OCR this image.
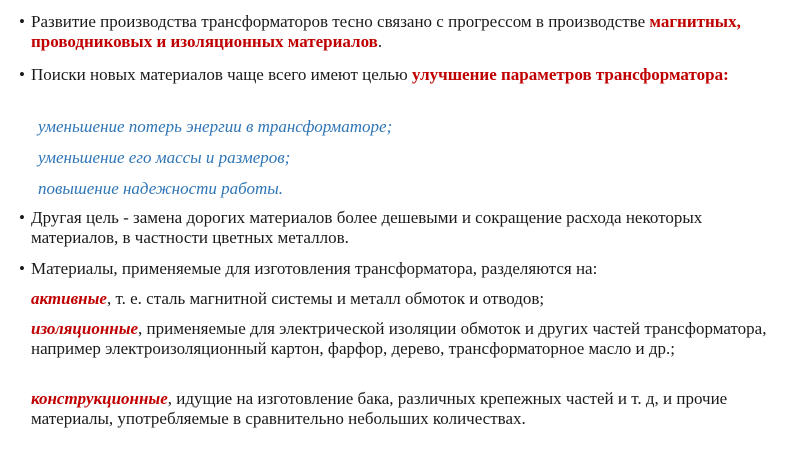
• Развитие производства трансформаторов тесно связано с прогрессом в производстве магнитных, проводниковых и изоляционных материалов.
• Поиски новых материалов чаще всего имеют целью улучшение параметров трансформатора:
уменьшение потерь энергии в трансформаторе;
уменьшение его массы и размеров;
повышение надежности работы.
• Другая цель - замена дорогих материалов более дешевыми и сокращение расхода некоторых материалов, в частности цветных металлов.
• Материалы, применяемые для изготовления трансформатора, разделяются на:
активные, т. е. сталь магнитной системы и металл обмоток и отводов;
изоляционные, применяемые для электрической изоляции обмоток и других частей трансформатора, например электроизоляционный картон, фарфор, дерево, трансформаторное масло и др.;
конструкционные, идущие на изготовление бака, различных крепежных частей и т. д, и прочие материалы, употребляемые в сравнительно небольших количествах.
